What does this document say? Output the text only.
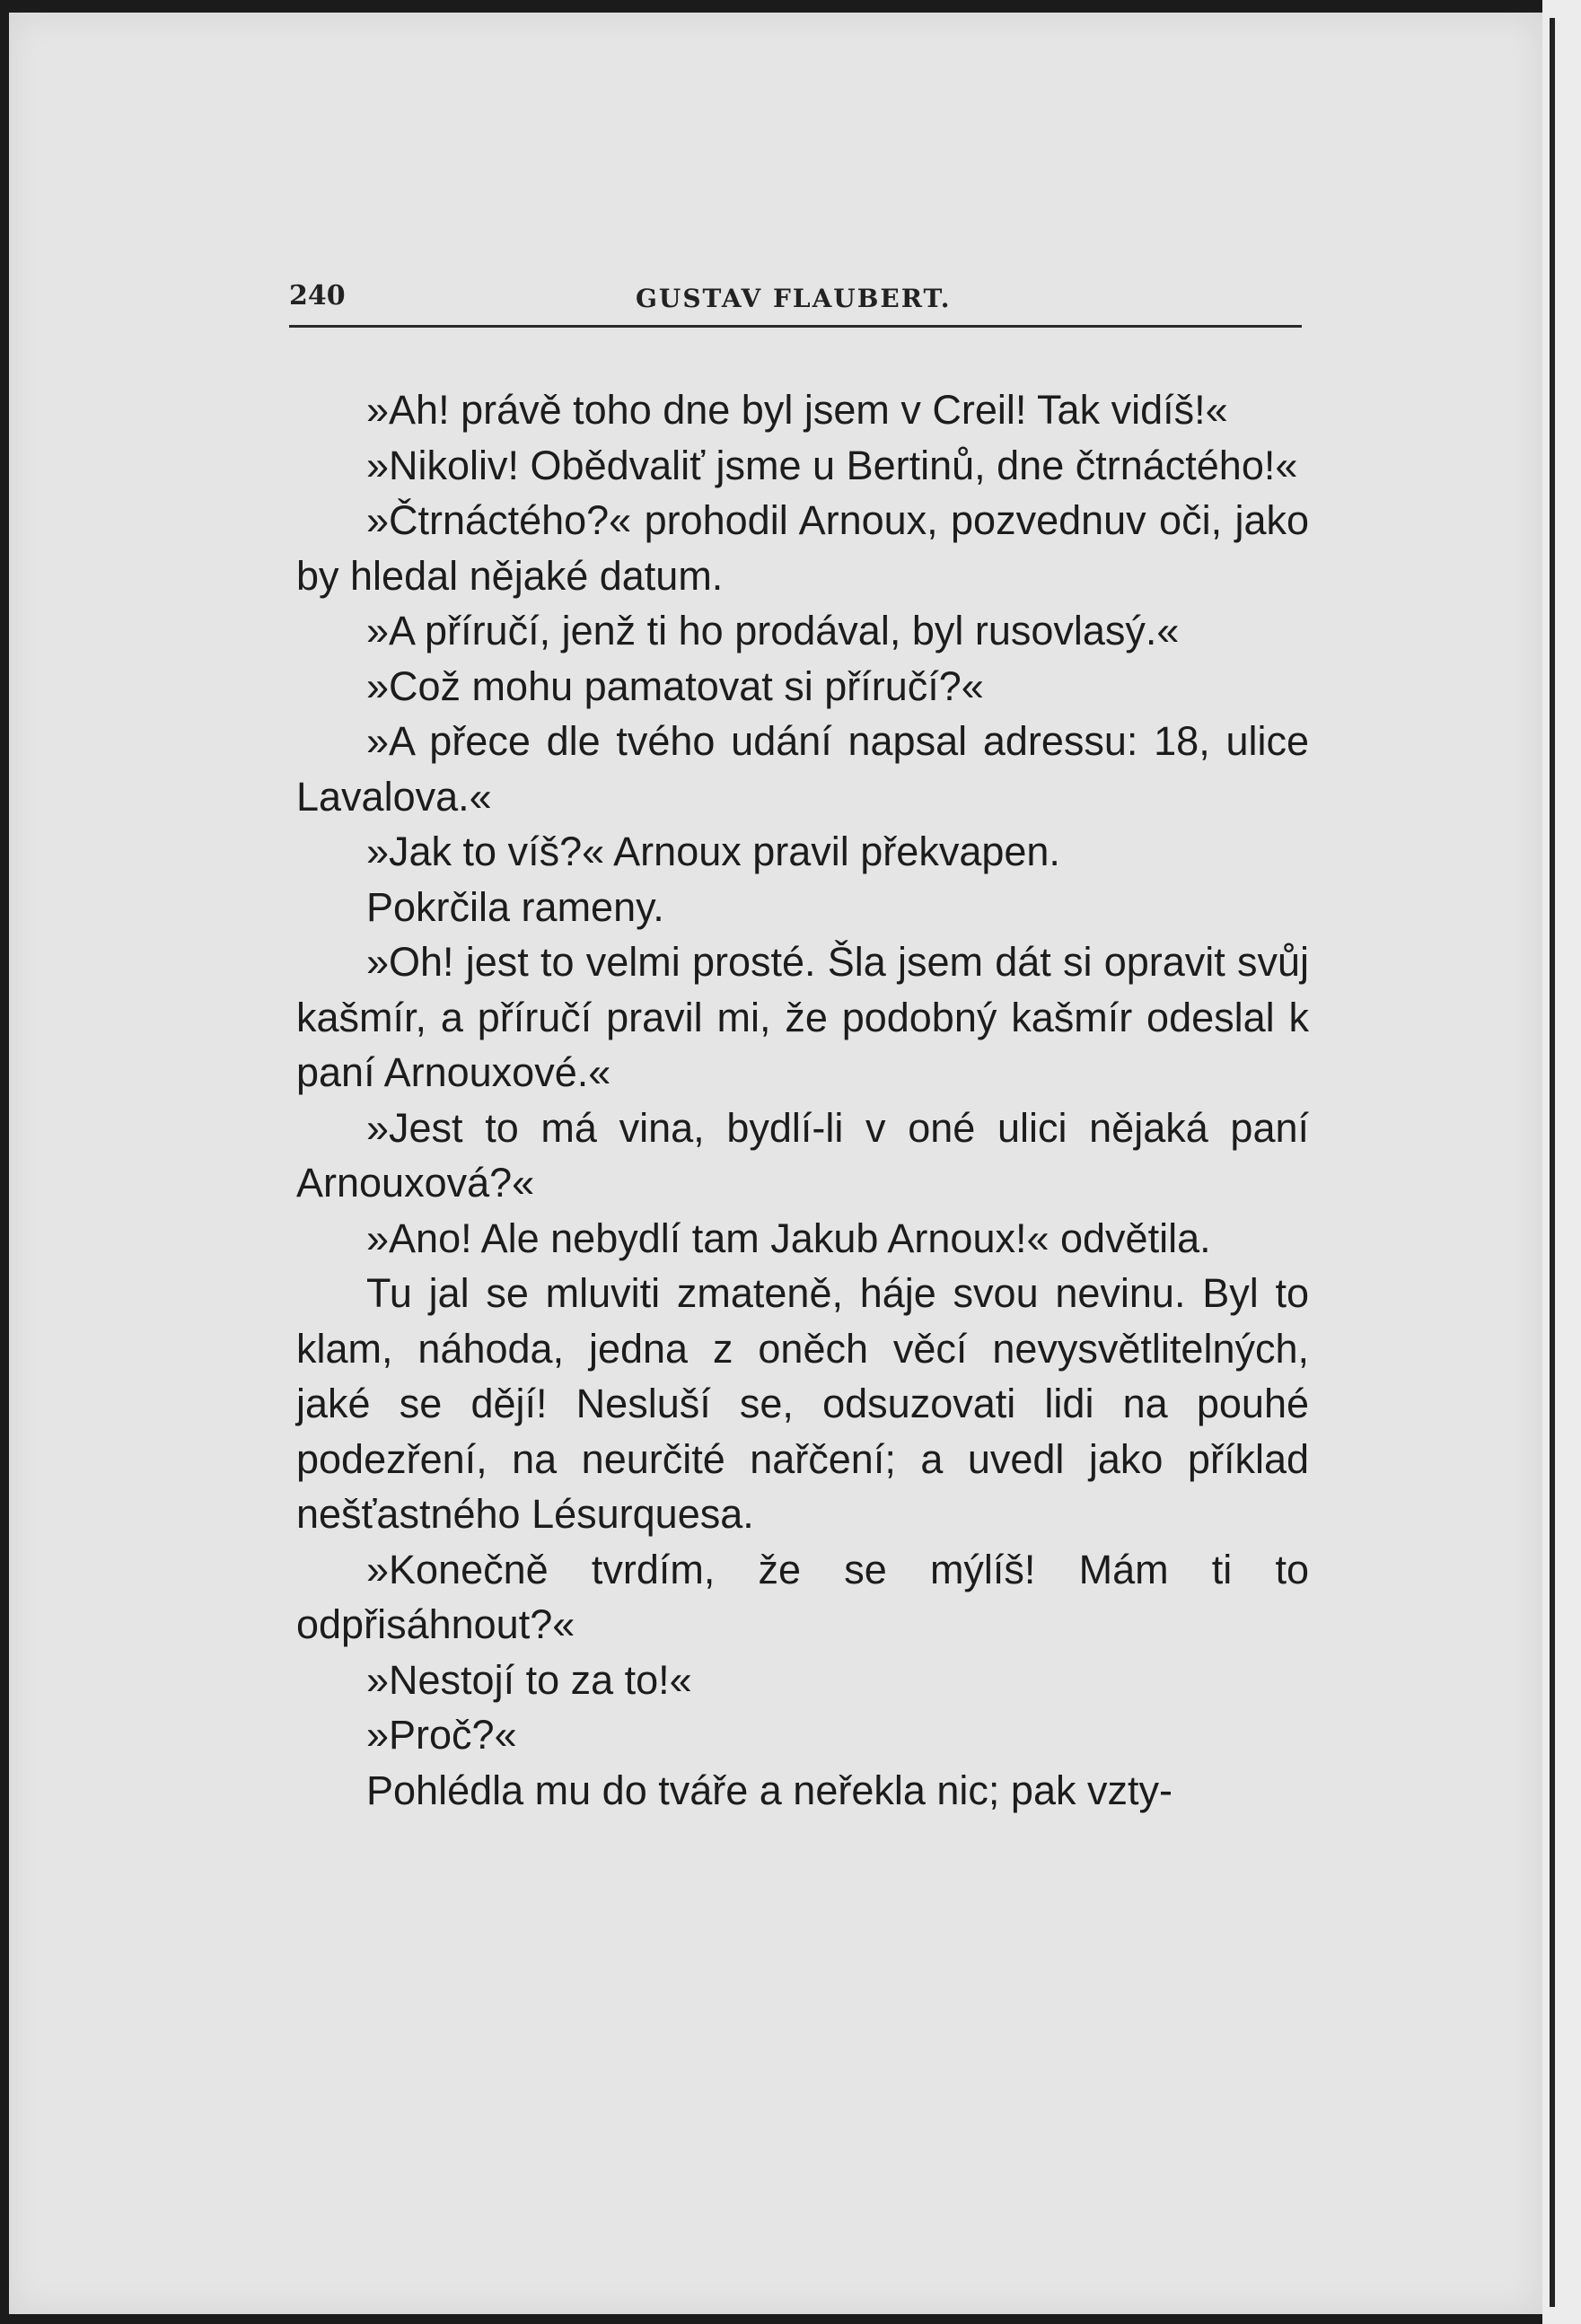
240	GUSTAV FLAUBERT.

»Ah! právě toho dne byl jsem v Creil! Tak vidíš!«

»Nikoliv! Obědvaliť jsme u Bertinů, dne čtrnáctého!«

»Čtrnáctého?« prohodil Arnoux, pozvednuv oči, jako by hledal nějaké datum.

»A příručí, jenž ti ho prodával, byl rusovlasý.«

»Což mohu pamatovat si příručí?«

»A přece dle tvého udání napsal adressu: 18, ulice Lavalova.«

»Jak to víš?« Arnoux pravil překvapen.

Pokrčila rameny.

»Oh! jest to velmi prosté. Šla jsem dát si opravit svůj kašmír, a příručí pravil mi, že podobný kašmír odeslal k paní Arnouxové.«

»Jest to má vina, bydlí-li v oné ulici nějaká paní Arnouxová?«

»Ano! Ale nebydlí tam Jakub Arnoux!« odvětila.

Tu jal se mluviti zmateně, háje svou nevinu. Byl to klam, náhoda, jedna z oněch věcí nevysvětlitelných, jaké se dějí! Nesluší se, odsuzovati lidi na pouhé podezření, na neurčité nařčení; a uvedl jako příklad nešťastného Lésurquesa.

»Konečně tvrdím, že se mýlíš! Mám ti to odpřisáhnout?«

»Nestojí to za to!«

»Proč?«

Pohlédla mu do tváře a neřekla nic; pak vzty-
